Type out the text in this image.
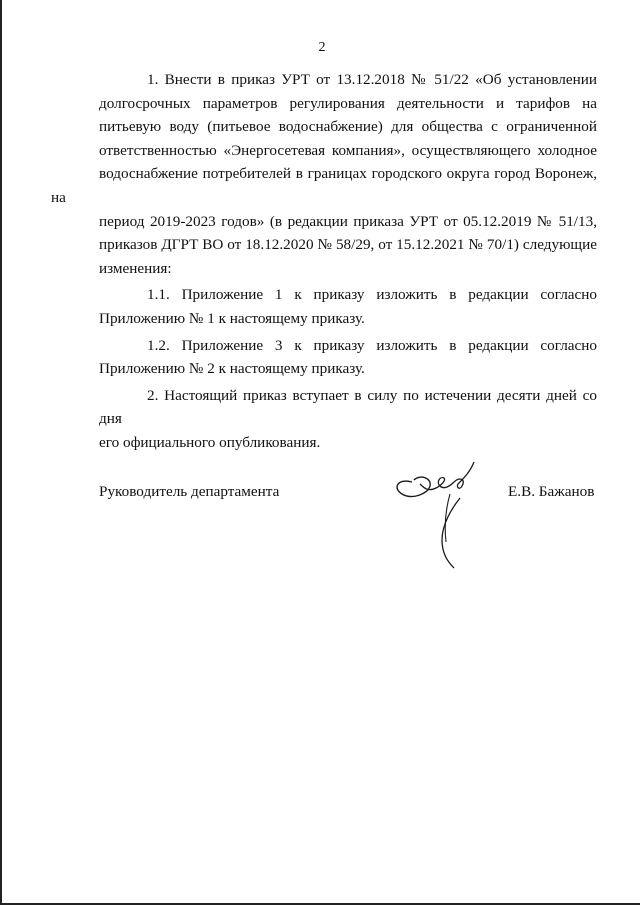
2

1. Внести в приказ УРТ от 13.12.2018 № 51/22 «Об установлении
долгосрочных параметров регулирования деятельности и тарифов на
питьевую воду (питьевое водоснабжение) для общества с ограниченной
ответственностью «Энергосетевая компания», осуществляющего холодное
водоснабжение потребителей в границах городского округа город Воронеж, на
период 2019-2023 годов» (в редакции приказа УРТ от 05.12.2019 № 51/13,
приказов ДГРТ ВО от 18.12.2020 № 58/29, от 15.12.2021 № 70/1) следующие
изменения:

1.1. Приложение 1 к приказу изложить в редакции согласно
Приложению № 1 к настоящему приказу.

1.2. Приложение 3 к приказу изложить в редакции согласно
Приложению № 2 к настоящему приказу.

2. Настоящий приказ вступает в силу по истечении десяти дней со дня
его официального опубликования.

Руководитель департамента	Е.В. Бажанов
